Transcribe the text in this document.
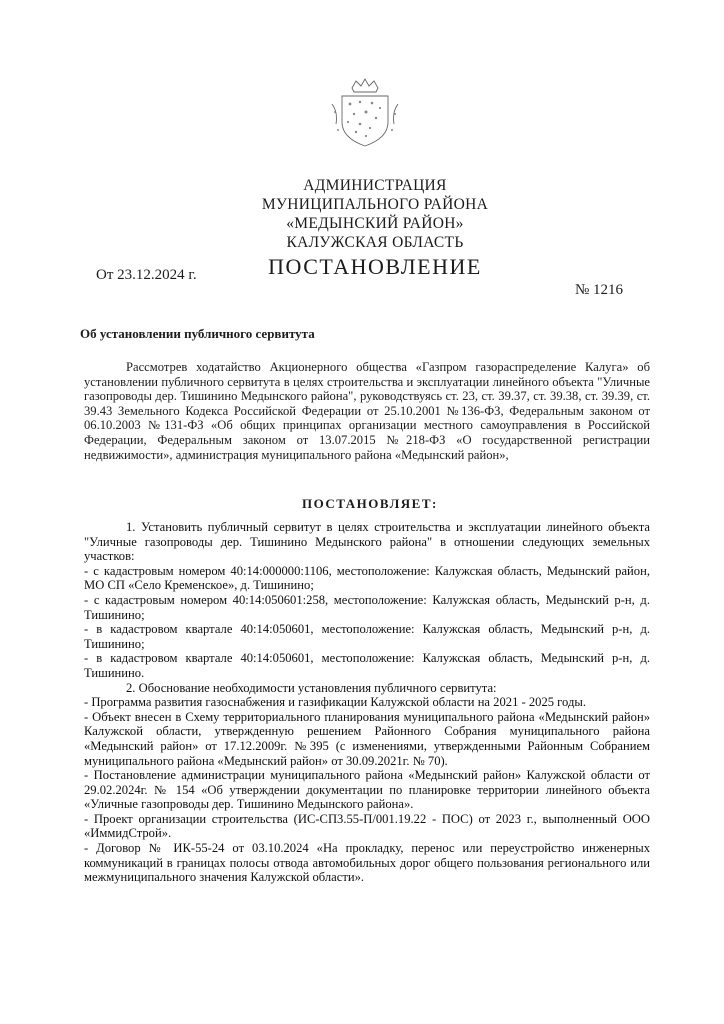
АДМИНИСТРАЦИЯ
МУНИЦИПАЛЬНОГО РАЙОНА
«МЕДЫНСКИЙ РАЙОН»
КАЛУЖСКАЯ ОБЛАСТЬ
ПОСТАНОВЛЕНИЕ
От 23.12.2024 г.
№ 1216
Об установлении публичного сервитута
Рассмотрев ходатайство Акционерного общества «Газпром газораспределение Калуга» об установлении публичного сервитута в целях строительства и эксплуатации линейного объекта "Уличные газопроводы дер. Тишинино Медынского района", руководствуясь ст. 23, ст. 39.37, ст. 39.38, ст. 39.39, ст. 39.43 Земельного Кодекса Российской Федерации от 25.10.2001 №136-ФЗ, Федеральным законом от 06.10.2003 №131-ФЗ «Об общих принципах организации местного самоуправления в Российской Федерации, Федеральным законом от 13.07.2015 №218-ФЗ «О государственной регистрации недвижимости», администрация муниципального района «Медынский район»,
ПОСТАНОВЛЯЕТ:

1. Установить публичный сервитут в целях строительства и эксплуатации линейного объекта "Уличные газопроводы дер. Тишинино Медынского района" в отношении следующих земельных участков:

- с кадастровым номером 40:14:000000:1106, местоположение: Калужская область, Медынский район, МО СП «Село Кременское», д. Тишинино;

- с кадастровым номером 40:14:050601:258, местоположение: Калужская область, Медынский р-н, д. Тишинино;

- в кадастровом квартале 40:14:050601, местоположение: Калужская область, Медынский р-н, д. Тишинино;

- в кадастровом квартале 40:14:050601, местоположение: Калужская область, Медынский р-н, д. Тишинино.

2. Обоснование необходимости установления публичного сервитута:

- Программа развития газоснабжения и газификации Калужской области на 2021 - 2025 годы.

- Объект внесен в Схему территориального планирования муниципального района «Медынский район» Калужской области, утвержденную решением Районного Собрания муниципального района «Медынский район» от 17.12.2009г. №395 (с изменениями, утвержденными Районным Собранием муниципального района «Медынский район» от 30.09.2021г. № 70).

- Постановление администрации муниципального района «Медынский район» Калужской области от 29.02.2024г. № 154 «Об утверждении документации по планировке территории линейного объекта «Уличные газопроводы дер. Тишинино Медынского района».

- Проект организации строительства (ИС-СП3.55-П/001.19.22 - ПОС) от 2023 г., выполненный ООО «ИммидСтрой».

- Договор № ИК-55-24 от 03.10.2024 «На прокладку, перенос или переустройство инженерных коммуникаций в границах полосы отвода автомобильных дорог общего пользования регионального или межмуниципального значения Калужской области».
